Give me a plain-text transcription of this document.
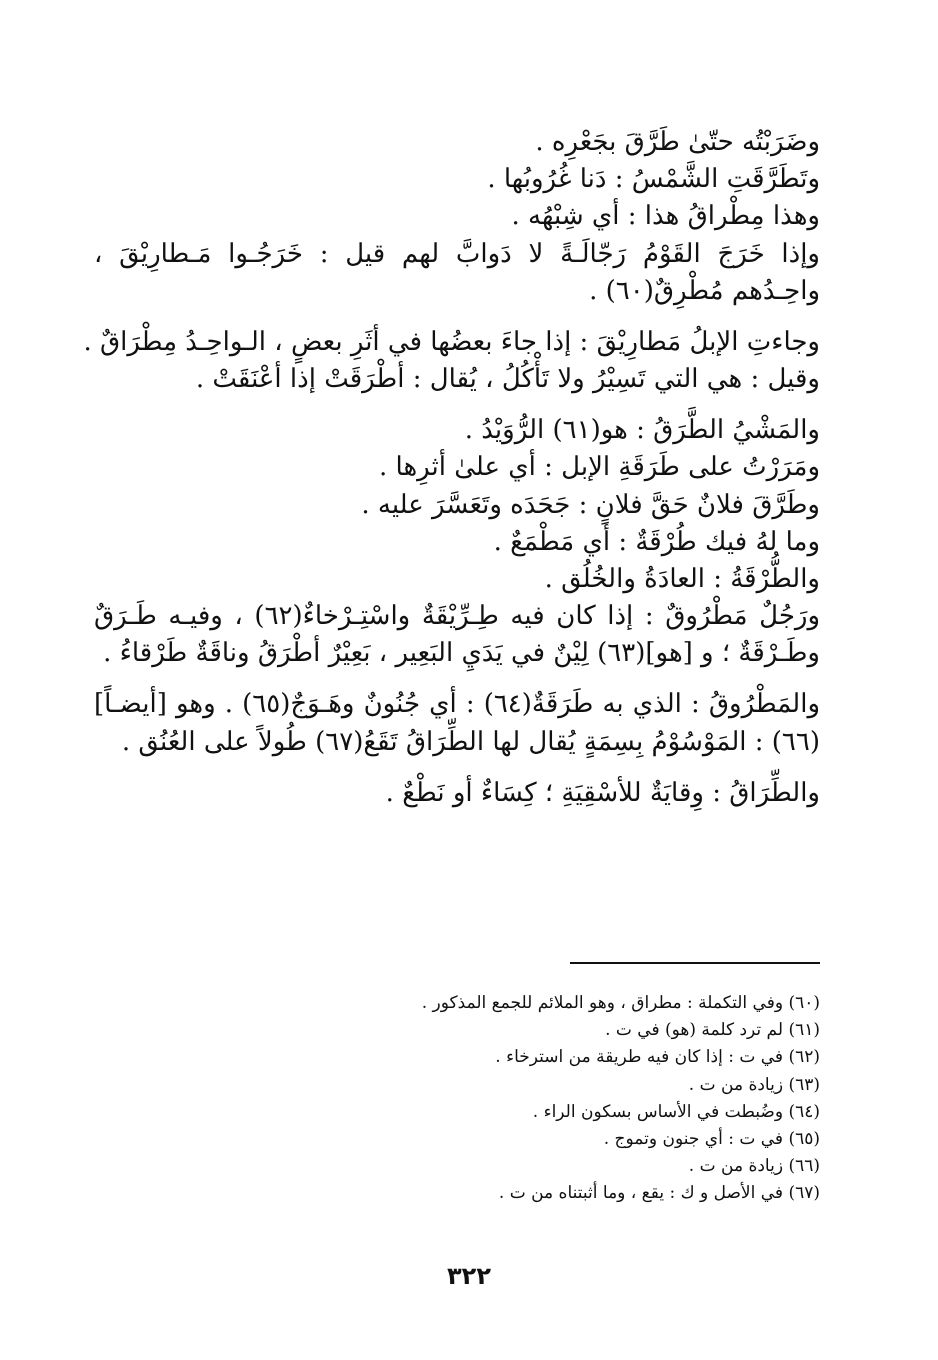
وضَرَبْتُه حتّىٰ طَرَّقَ بجَعْرِه .

وتَطَرَّقَتِ الشَّمْسُ : دَنا غُرُوبُها .

وهذا مِطْراقُ هذا : أي شِبْهُه .

وإذا خَرَجَ القَوْمُ رَجّالَـةً لا دَوابَّ لهم قيل : خَرَجُـوا مَـطارِيْقَ ، واحِـدُهم مُطْرِقٌ(٦٠) .

وجاءتِ الإبلُ مَطارِيْقَ : إذا جاءَ بعضُها في أثَرِ بعضٍ ، الـواحِـدُ مِطْرَاقٌ .

وقيل : هي التي تَسِيْرُ ولا تَأْكُلُ ، يُقال : أطْرَقَتْ إذا أعْنَقَتْ .

والمَشْيُ الطَّرَقُ : هو(٦١) الرُّوَيْدُ .

ومَرَرْتُ على طَرَقَةِ الإبل : أي علىٰ أثرِها .

وطَرَّقَ فلانٌ حَقَّ فلانٍ : جَحَدَه وتَعَسَّرَ عليه .

وما لهُ فيك طُرْقَةٌ : أي مَطْمَعٌ .

والطُّرْقَةُ : العادَةُ والخُلُق .

ورَجُلٌ مَطْرُوقٌ : إذا كان فيه طِـرِّيْقَةٌ واسْتِـرْخاءٌ(٦٢) ، وفيـه طَـرَقٌ وطَـرْقَةٌ ؛ و [هو](٦٣) لِيْنٌ في يَدَيِ البَعِير ، بَعِيْرٌ أطْرَقُ وناقَةٌ طَرْقاءُ .

والمَطْرُوقُ : الذي به طَرَقَةٌ(٦٤) : أي جُنُونٌ وهَـوَجٌ(٦٥) . وهو [أيضـاً](٦٦) : المَوْسُوْمُ بِسِمَةٍ يُقال لها الطِّرَاقُ تَقَعُ(٦٧) طُولاً على العُنُق .

والطِّرَاقُ : وِقايَةٌ للأسْقِيَةِ ؛ كِسَاءٌ أو نَطْعٌ .

(٦٠) وفي التكملة : مطراق ، وهو الملائم للجمع المذكور .

(٦١) لم ترد كلمة (هو) في ت .

(٦٢) في ت : إذا كان فيه طريقة من استرخاء .

(٦٣) زيادة من ت .

(٦٤) وضُبطت في الأساس بسكون الراء .

(٦٥) في ت : أي جنون وتموج .

(٦٦) زيادة من ت .

(٦٧) في الأصل و ك : يقع ، وما أثبتناه من ت .

٣٢٢
